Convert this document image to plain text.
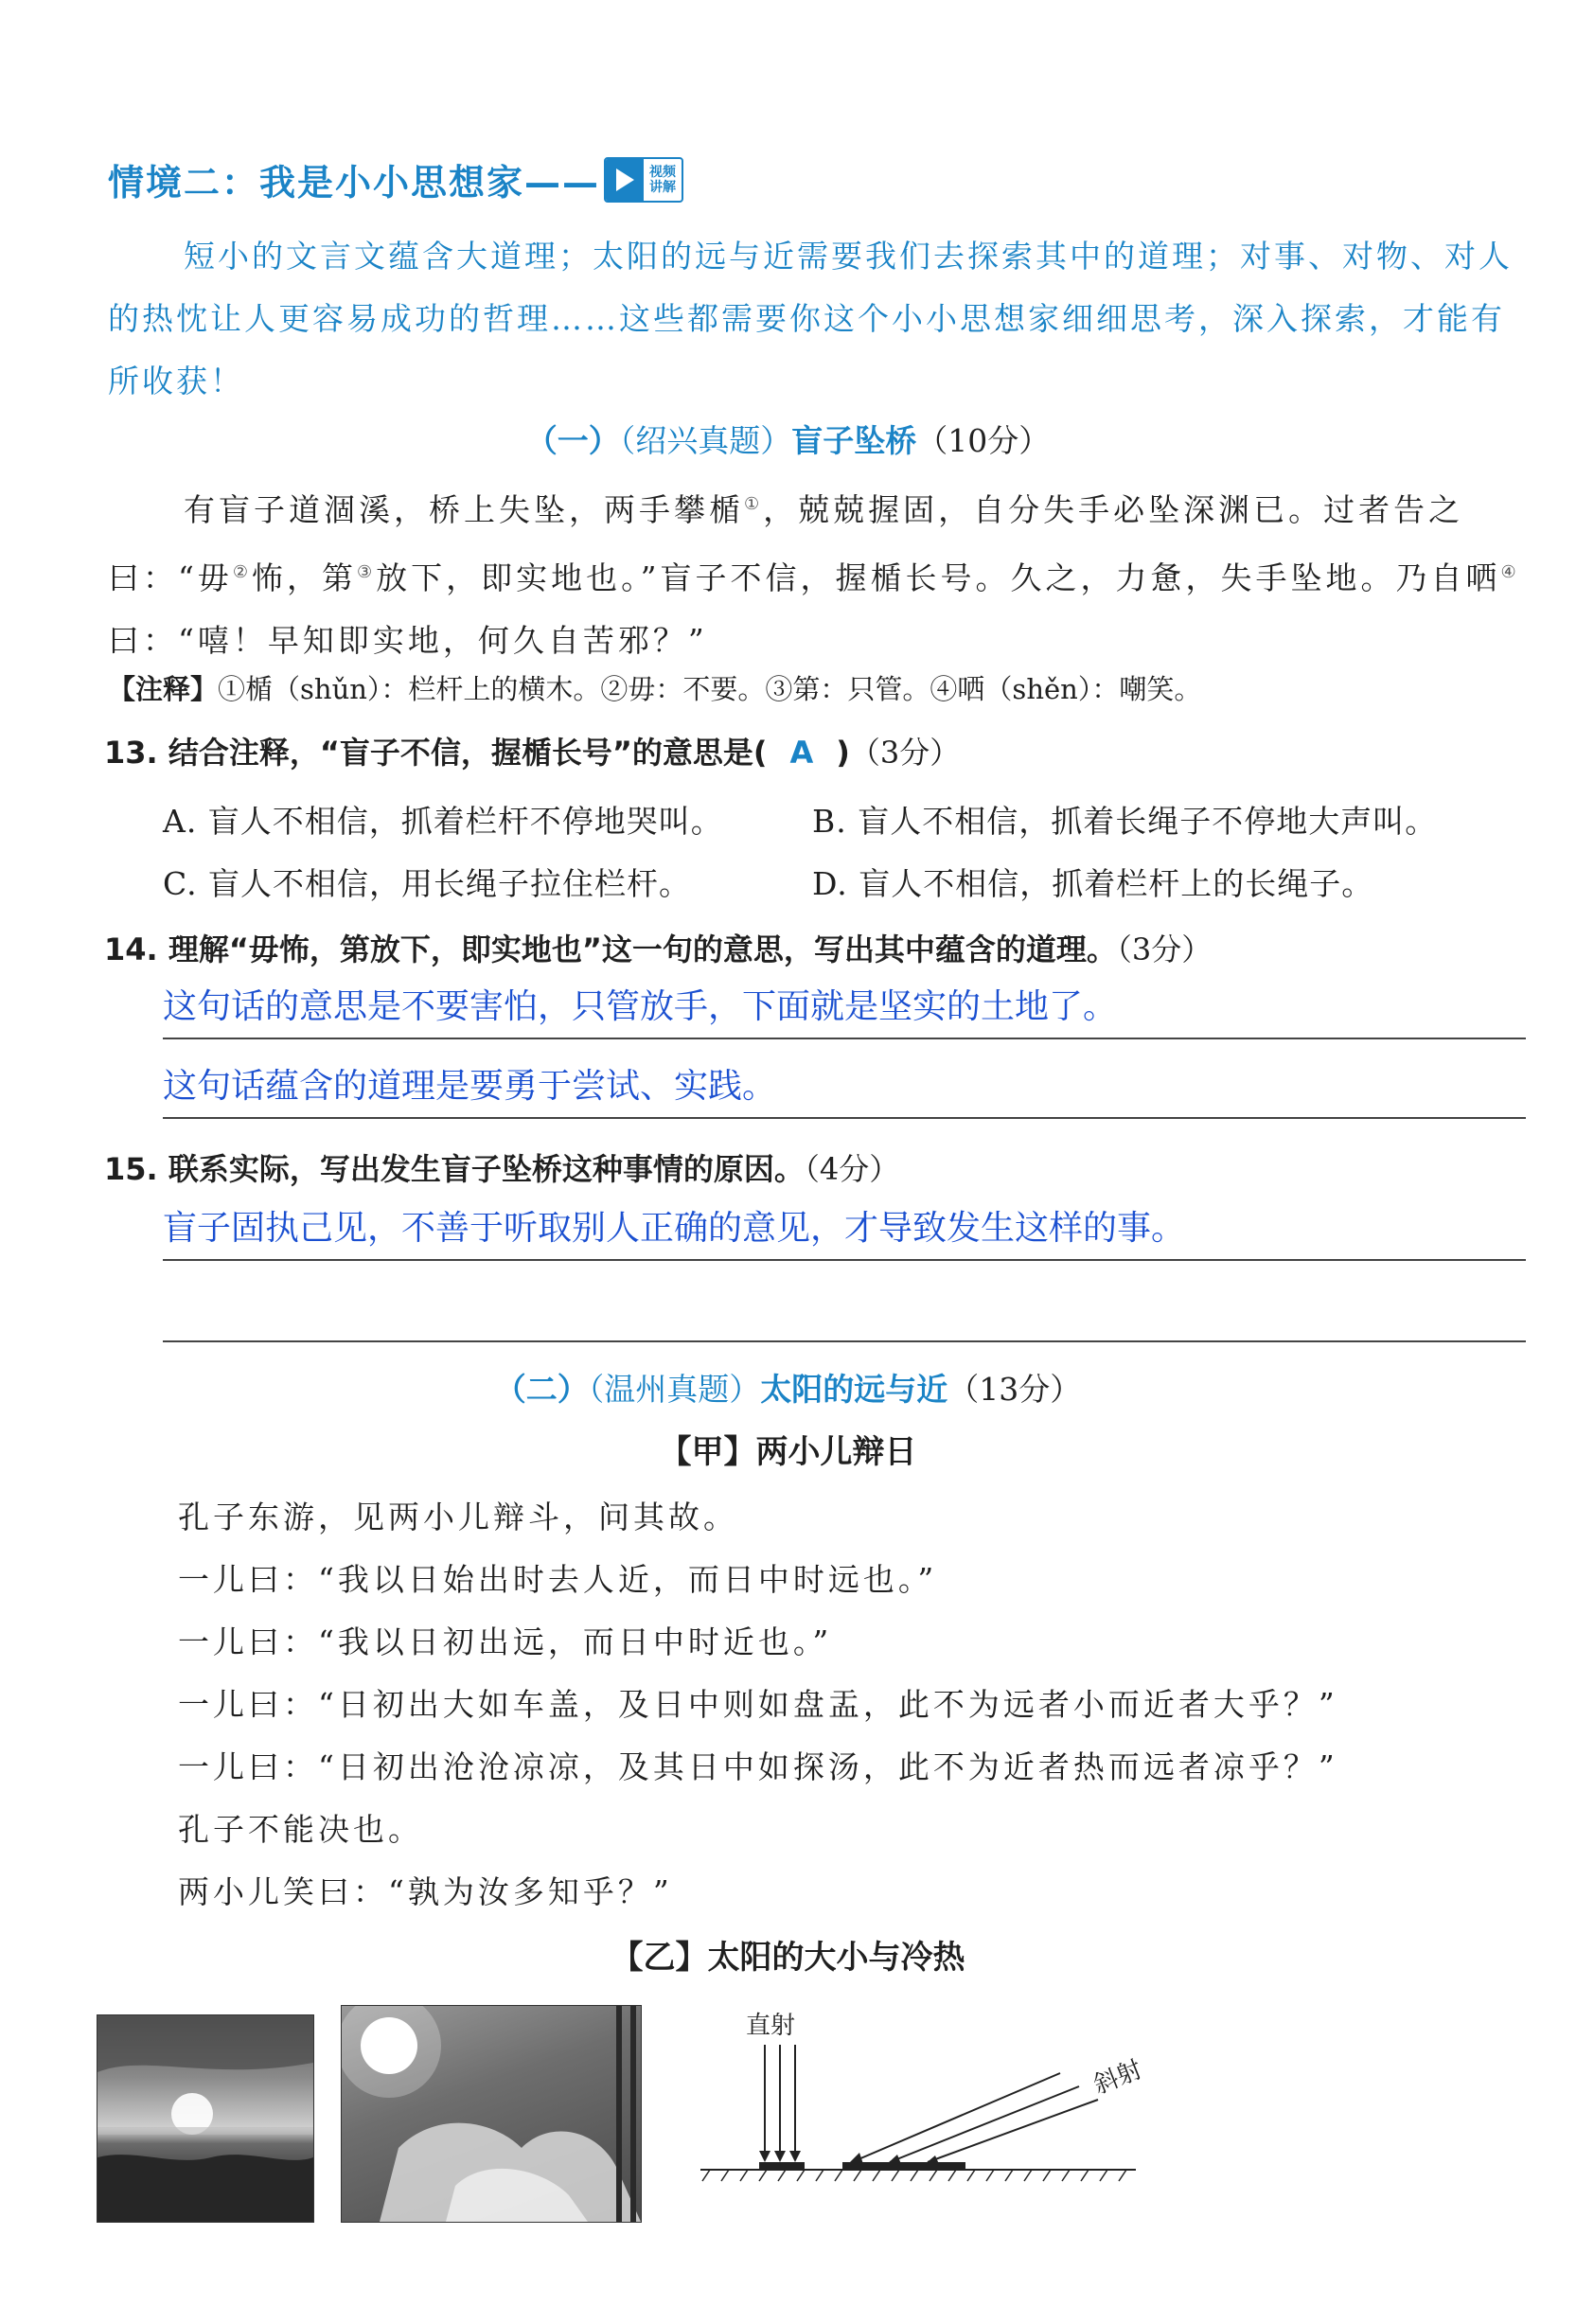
情境二：我是小小思想家——	视频讲解
短小的文言文蕴含大道理；太阳的远与近需要我们去探索其中的道理；对事、对物、对人的热忱让人更容易成功的哲理……这些都需要你这个小小思想家细细思考，深入探索，才能有所收获！
（一）（绍兴真题）盲子坠桥（10分）

有盲子道涸溪，桥上失坠，两手攀楯①，兢兢握固，自分失手必坠深渊已。过者告之曰：“毋②怖，第③放下，即实地也。”盲子不信，握楯长号。久之，力惫，失手坠地。乃自哂④曰：“嘻！早知即实地，何久自苦邪？”

【注释】①楯（shǔn）：栏杆上的横木。②毋：不要。③第：只管。④哂（shěn）：嘲笑。
13. 结合注释，“盲子不信，握楯长号”的意思是( A )（3分）
A. 盲人不相信，抓着栏杆不停地哭叫。	B. 盲人不相信，抓着长绳子不停地大声叫。
C. 盲人不相信，用长绳子拉住栏杆。	D. 盲人不相信，抓着栏杆上的长绳子。
14. 理解“毋怖，第放下，即实地也”这一句的意思，写出其中蕴含的道理。（3分）
这句话的意思是不要害怕，只管放手，下面就是坚实的土地了。
这句话蕴含的道理是要勇于尝试、实践。
15. 联系实际，写出发生盲子坠桥这种事情的原因。（4分）
盲子固执己见，不善于听取别人正确的意见，才导致发生这样的事。
（二）（温州真题）太阳的远与近（13分）
【甲】两小儿辩日
孔子东游，见两小儿辩斗，问其故。
一儿曰：“我以日始出时去人近，而日中时远也。”
一儿曰：“我以日初出远，而日中时近也。”
一儿曰：“日初出大如车盖，及日中则如盘盂，此不为远者小而近者大乎？”
一儿曰：“日初出沧沧凉凉，及其日中如探汤，此不为近者热而远者凉乎？”
孔子不能决也。
两小儿笑曰：“孰为汝多知乎？”
【乙】太阳的大小与冷热
直射
斜射
